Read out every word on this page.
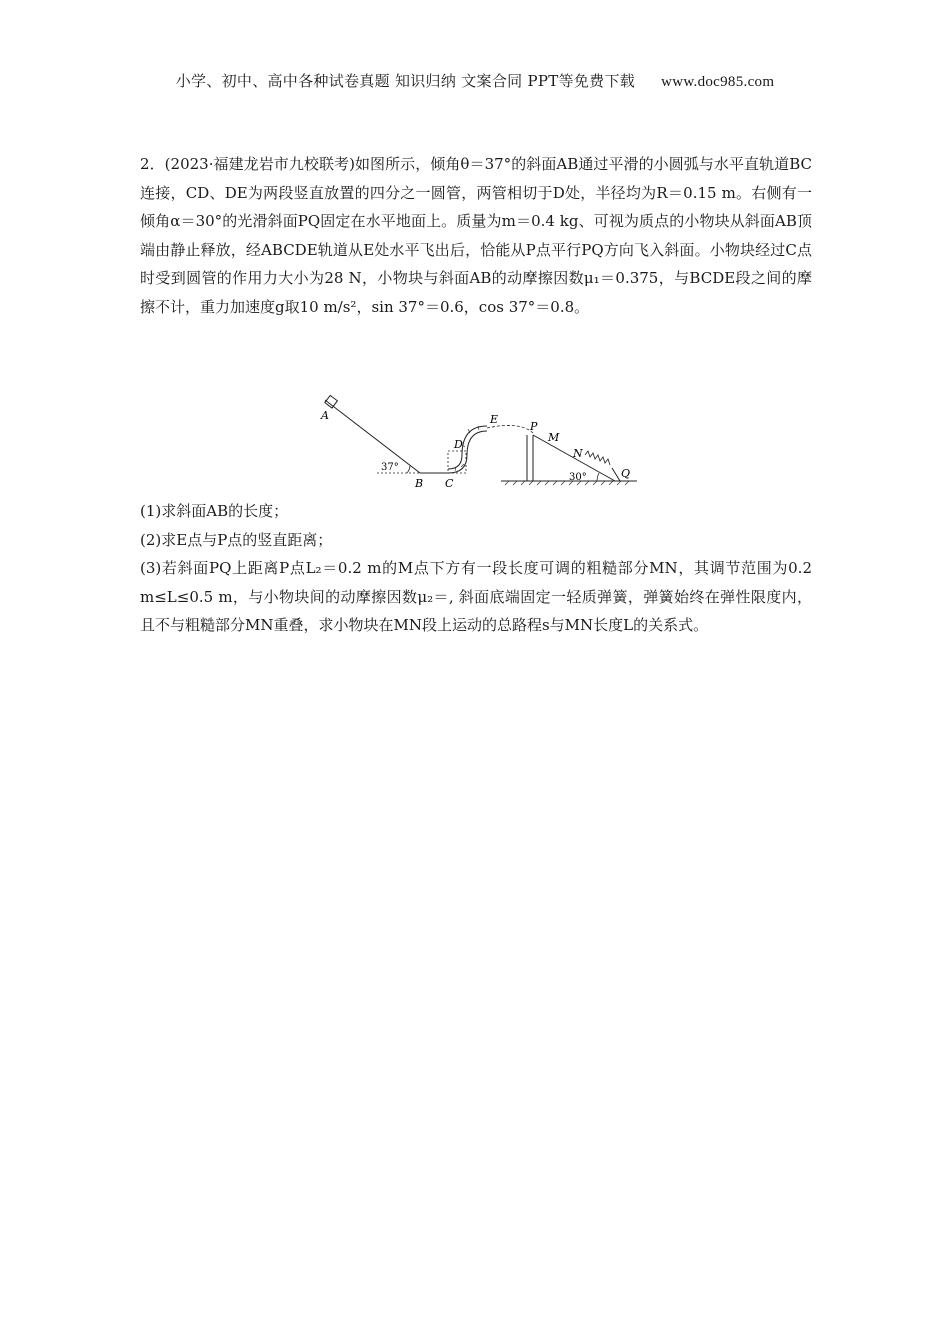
小学、初中、高中各种试卷真题 知识归纳 文案合同 PPT等免费下载 www.doc985.com

2．(2023·福建龙岩市九校联考)如图所示，倾角θ＝37°的斜面AB通过平滑的小圆弧与水平直轨道BC连接，CD、DE为两段竖直放置的四分之一圆管，两管相切于D处，半径均为R＝0.15 m。右侧有一倾角α＝30°的光滑斜面PQ固定在水平地面上。质量为m＝0.4 kg、可视为质点的小物块从斜面AB顶端由静止释放，经ABCDE轨道从E处水平飞出后，恰能从P点平行PQ方向飞入斜面。小物块经过C点时受到圆管的作用力大小为28 N，小物块与斜面AB的动摩擦因数μ₁＝0.375，与BCDE段之间的摩擦不计，重力加速度g取10 m/s²，sin 37°＝0.6，cos 37°＝0.8。

A
37°
B C
D
E
P
M
N
30°	Q

(1)求斜面AB的长度；

(2)求E点与P点的竖直距离；

(3)若斜面PQ上距离P点L₂＝0.2 m的M点下方有一段长度可调的粗糙部分MN，其调节范围为0.2 m≤L≤0.5 m，与小物块间的动摩擦因数μ₂＝, 斜面底端固定一轻质弹簧，弹簧始终在弹性限度内，且不与粗糙部分MN重叠，求小物块在MN段上运动的总路程s与MN长度L的关系式。
